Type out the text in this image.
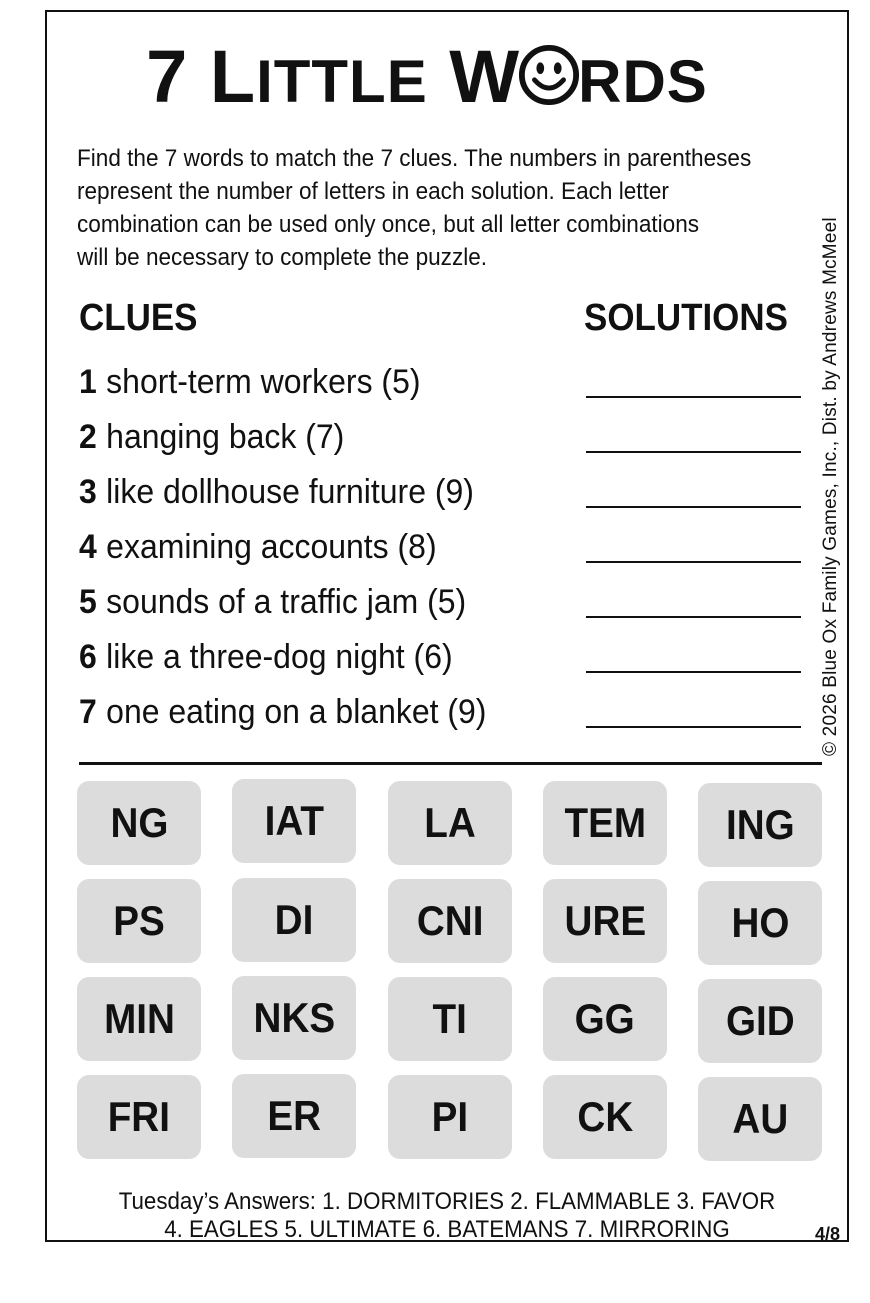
7 LITTLE W RDS
Find the 7 words to match the 7 clues. The numbers in parentheses
represent the number of letters in each solution. Each letter
combination can be used only once, but all letter combinations
will be necessary to complete the puzzle.
CLUES	SOLUTIONS
1 short-term workers (5)
2 hanging back (7)
3 like dollhouse furniture (9)
4 examining accounts (8)
5 sounds of a traffic jam (5)
6 like a three-dog night (6)
7 one eating on a blanket (9)	© 2026 Blue Ox Family Games, Inc., Dist. by Andrews McMeel
NG IAT LA TEM ING
PS	DI CNI URE HO
MIN NKS TI	GG GID
FRI ER	PI	CK AU
Tuesday’s Answers: 1. DORMITORIES 2. FLAMMABLE 3. FAVOR
4. EAGLES 5. ULTIMATE 6. BATEMANS 7. MIRRORING	4/8
